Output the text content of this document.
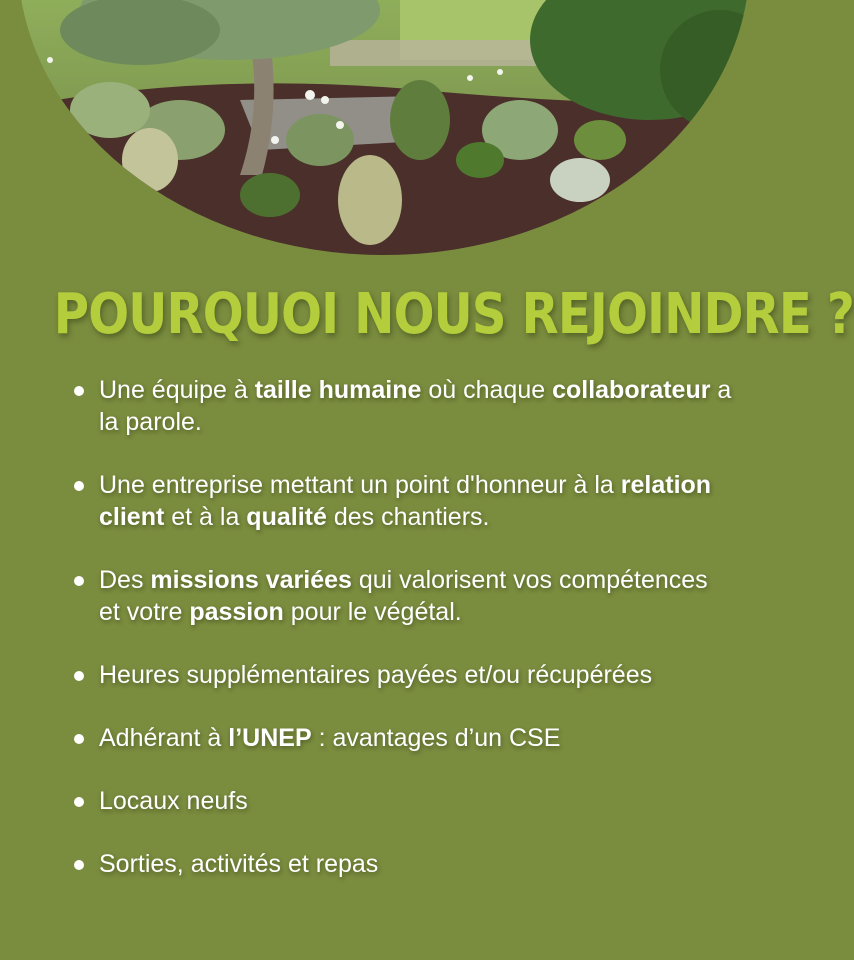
POURQUOI NOUS REJOINDRE ?
Une équipe à taille humaine où chaque collaborateur a la parole.
Une entreprise mettant un point d'honneur à la relation client et à la qualité des chantiers.
Des missions variées qui valorisent vos compétences et votre passion pour le végétal.
Heures supplémentaires payées et/ou récupérées
Adhérant à l’UNEP : avantages d’un CSE
Locaux neufs
Sorties, activités et repas
